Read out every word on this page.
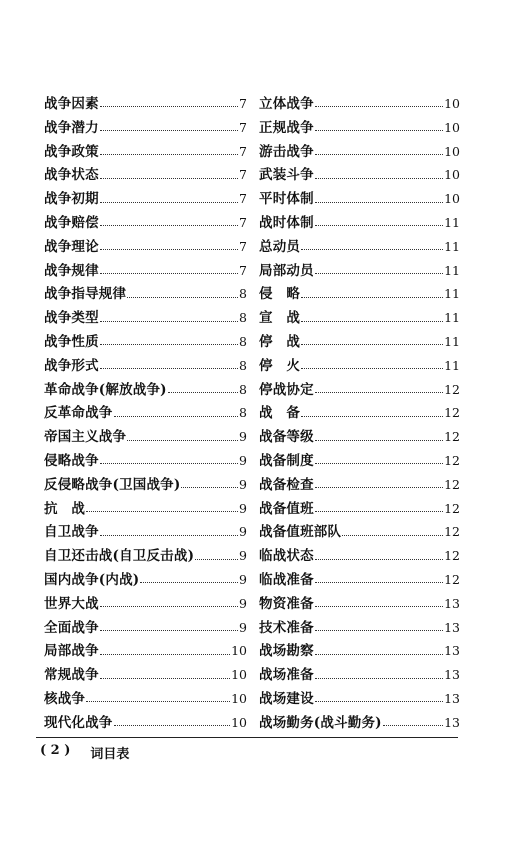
战争因素	7
战争潜力	7
战争政策	7
战争状态	7
战争初期	7
战争赔偿	7
战争理论	7
战争规律	7
战争指导规律	8
战争类型	8
战争性质	8
战争形式	8
革命战争(解放战争)	8
反革命战争	8
帝国主义战争	9
侵略战争	9
反侵略战争(卫国战争)	9
抗　战	9
自卫战争	9
自卫还击战(自卫反击战)	9
国内战争(内战)	9
世界大战	9
全面战争	9
局部战争	10
常规战争	10
核战争	10
现代化战争	10
立体战争	10
正规战争	10
游击战争	10
武装斗争	10
平时体制	10
战时体制	11
总动员	11
局部动员	11
侵　略	11
宣　战	11
停　战	11
停　火	11
停战协定	12
战　备	12
战备等级	12
战备制度	12
战备检查	12
战备值班	12
战备值班部队	12
临战状态	12
临战准备	12
物资准备	13
技术准备	13
战场勘察	13
战场准备	13
战场建设	13
战场勤务(战斗勤务)	13
( 2 ) 词目表
